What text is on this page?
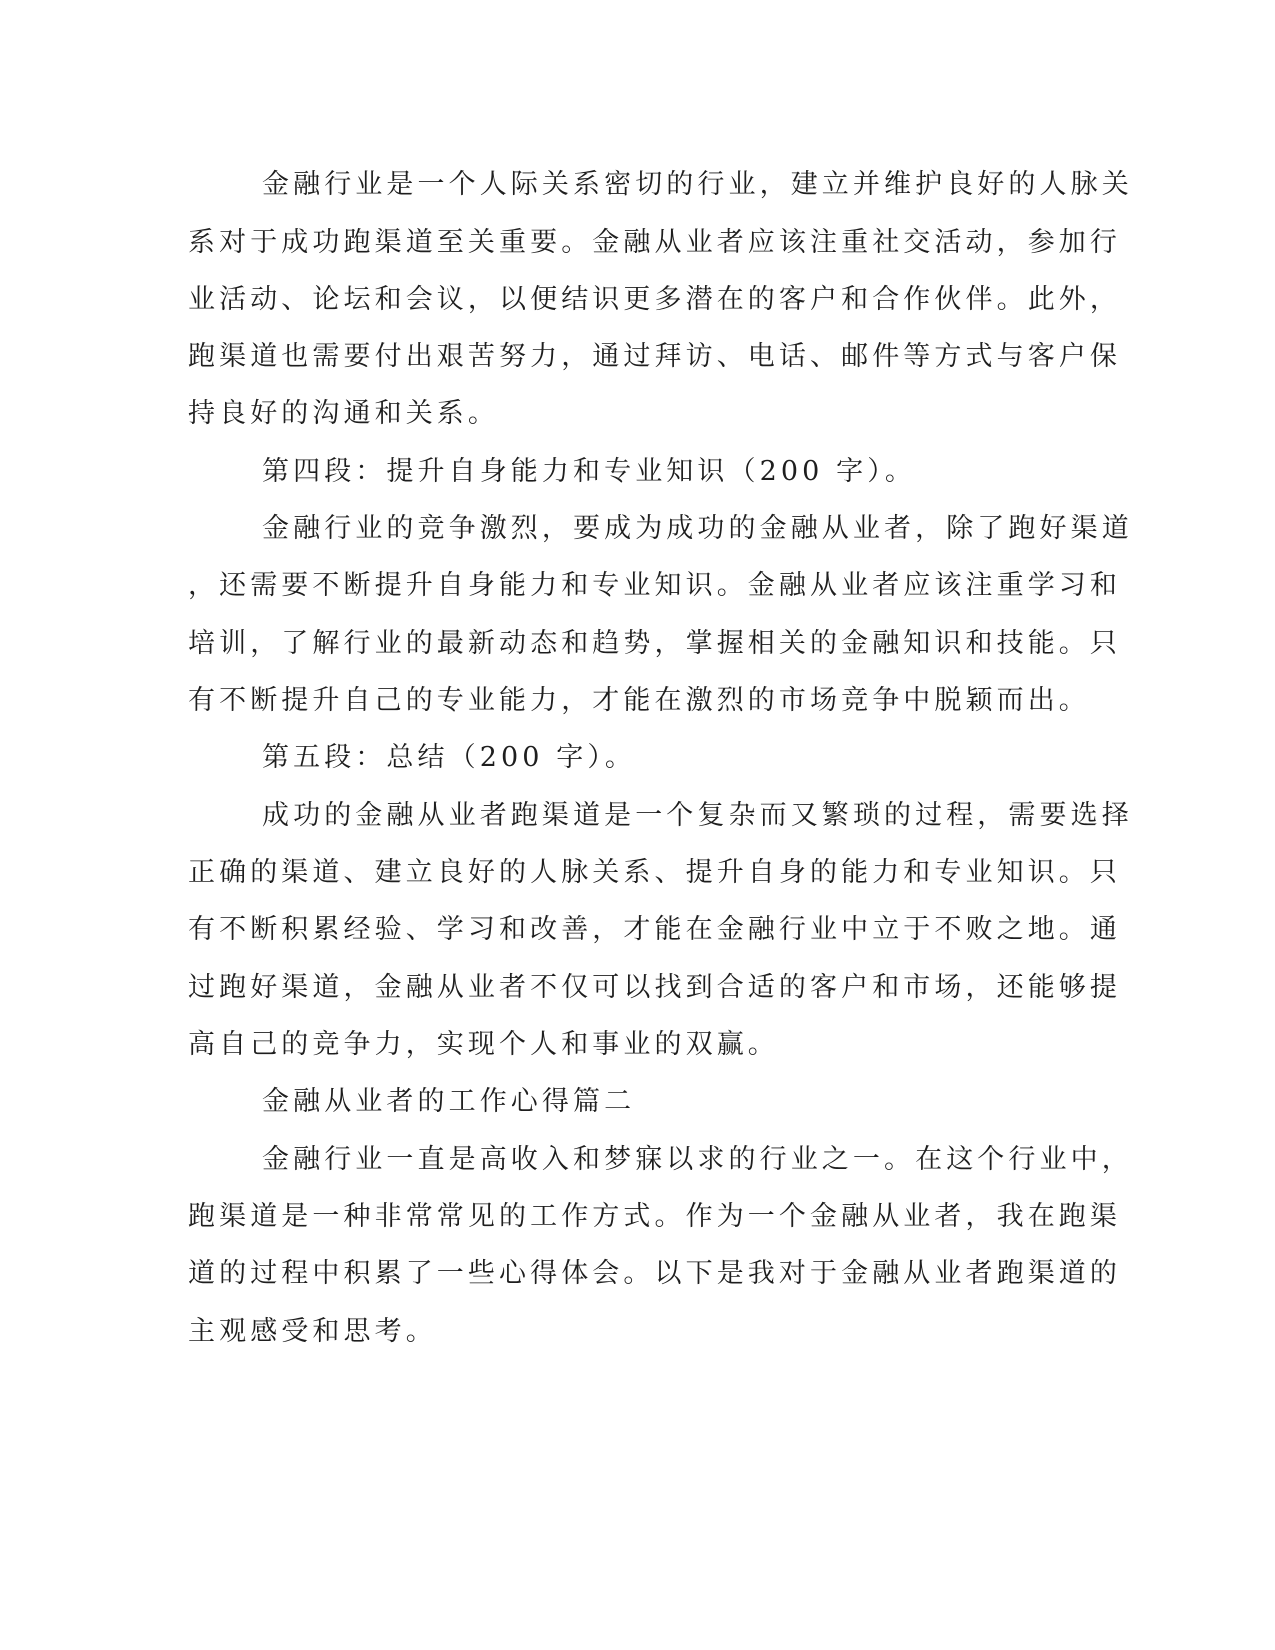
金融行业是一个人际关系密切的行业，建立并维护良好的人脉关
系对于成功跑渠道至关重要。金融从业者应该注重社交活动，参加行
业活动、论坛和会议，以便结识更多潜在的客户和合作伙伴。此外，
跑渠道也需要付出艰苦努力，通过拜访、电话、邮件等方式与客户保
持良好的沟通和关系。
第四段：提升自身能力和专业知识（200 字）。
金融行业的竞争激烈，要成为成功的金融从业者，除了跑好渠道
，还需要不断提升自身能力和专业知识。金融从业者应该注重学习和
培训，了解行业的最新动态和趋势，掌握相关的金融知识和技能。只
有不断提升自己的专业能力，才能在激烈的市场竞争中脱颖而出。
第五段：总结（200 字）。
成功的金融从业者跑渠道是一个复杂而又繁琐的过程，需要选择
正确的渠道、建立良好的人脉关系、提升自身的能力和专业知识。只
有不断积累经验、学习和改善，才能在金融行业中立于不败之地。通
过跑好渠道，金融从业者不仅可以找到合适的客户和市场，还能够提
高自己的竞争力，实现个人和事业的双赢。
金融从业者的工作心得篇二
金融行业一直是高收入和梦寐以求的行业之一。在这个行业中，
跑渠道是一种非常常见的工作方式。作为一个金融从业者，我在跑渠
道的过程中积累了一些心得体会。以下是我对于金融从业者跑渠道的
主观感受和思考。
